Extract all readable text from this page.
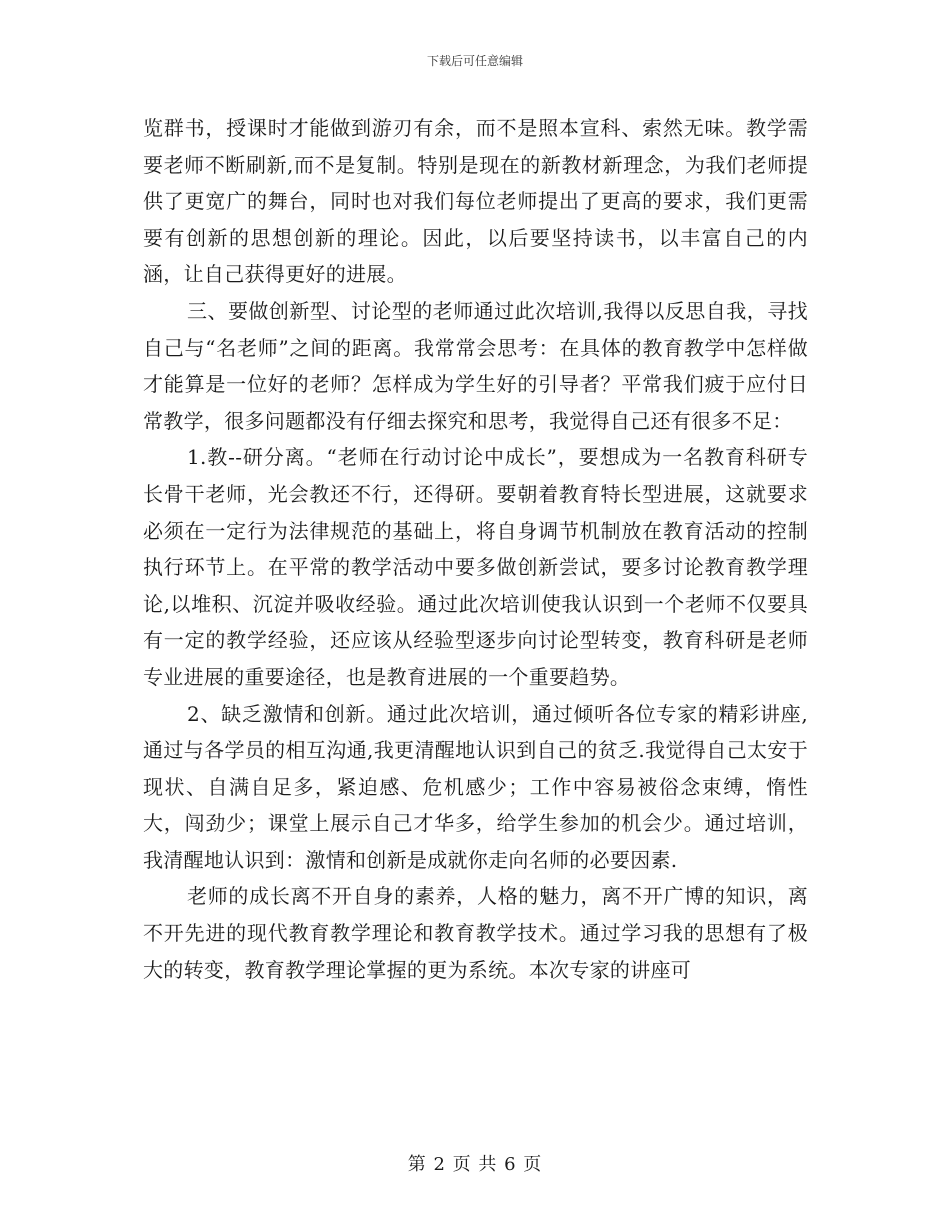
下载后可任意编辑

览群书，授课时才能做到游刃有余，而不是照本宣科、索然无味。教学需要老师不断刷新,而不是复制。特别是现在的新教材新理念，为我们老师提供了更宽广的舞台，同时也对我们每位老师提出了更高的要求，我们更需要有创新的思想创新的理论。因此，以后要坚持读书，以丰富自己的内涵，让自己获得更好的进展。

三、要做创新型、讨论型的老师通过此次培训,我得以反思自我，寻找自己与“名老师”之间的距离。我常常会思考：在具体的教育教学中怎样做才能算是一位好的老师？怎样成为学生好的引导者？平常我们疲于应付日常教学，很多问题都没有仔细去探究和思考，我觉得自己还有很多不足：

1.教--研分离。“老师在行动讨论中成长”，要想成为一名教育科研专长骨干老师，光会教还不行，还得研。要朝着教育特长型进展，这就要求必须在一定行为法律规范的基础上，将自身调节机制放在教育活动的控制执行环节上。在平常的教学活动中要多做创新尝试，要多讨论教育教学理论,以堆积、沉淀并吸收经验。通过此次培训使我认识到一个老师不仅要具有一定的教学经验，还应该从经验型逐步向讨论型转变，教育科研是老师专业进展的重要途径，也是教育进展的一个重要趋势。

2、缺乏激情和创新。通过此次培训，通过倾听各位专家的精彩讲座,通过与各学员的相互沟通,我更清醒地认识到自己的贫乏.我觉得自己太安于现状、自满自足多，紧迫感、危机感少；工作中容易被俗念束缚，惰性大，闯劲少；课堂上展示自己才华多，给学生参加的机会少。通过培训，我清醒地认识到：激情和创新是成就你走向名师的必要因素.

老师的成长离不开自身的素养，人格的魅力，离不开广博的知识，离不开先进的现代教育教学理论和教育教学技术。通过学习我的思想有了极大的转变，教育教学理论掌握的更为系统。本次专家的讲座可

第 2 页 共 6 页
